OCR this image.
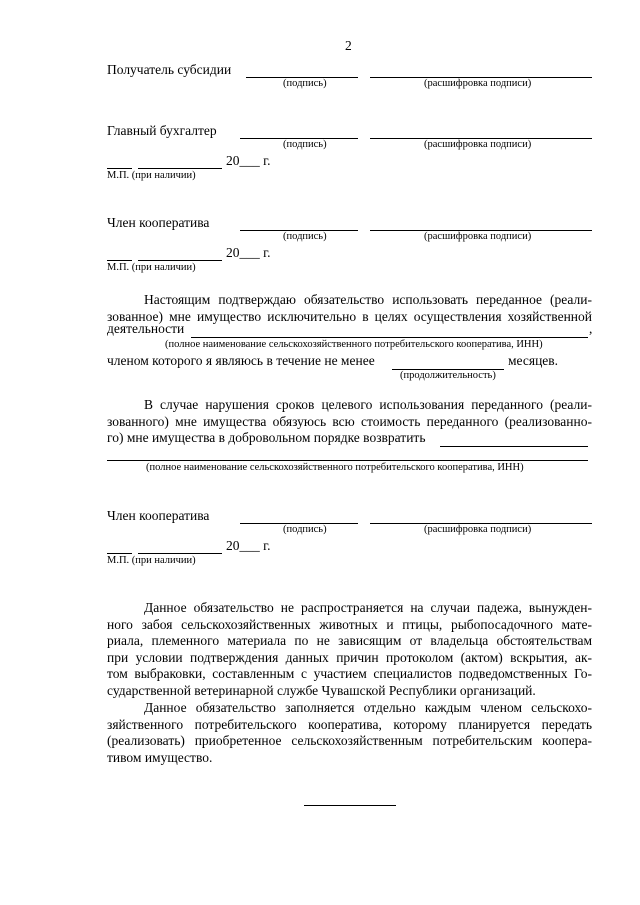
2
Получатель субсидии
(подпись)	(расшифровка подписи)
Главный бухгалтер
(подпись)	(расшифровка подписи)
20___ г.
М.П. (при наличии)
Член кооператива
(подпись)	(расшифровка подписи)
20___ г.
М.П. (при наличии)
Настоящим подтверждаю обязательство использовать переданное (реали-
зованное) мне имущество исключительно в целях осуществления хозяйственной
деятельности	,
(полное наименование сельскохозяйственного потребительского кооператива, ИНН)
членом которого я являюсь в течение не менее	месяцев.
(продолжительность)
В случае нарушения сроков целевого использования переданного (реали-
зованного) мне имущества обязуюсь всю стоимость переданного (реализованно-
го) мне имущества в добровольном порядке возвратить
(полное наименование сельскохозяйственного потребительского кооператива, ИНН)
Член кооператива
(подпись)	(расшифровка подписи)
20___ г.
М.П. (при наличии)
Данное обязательство не распространяется на случаи падежа, вынужден-
ного забоя сельскохозяйственных животных и птицы, рыбопосадочного мате-
риала, племенного материала по не зависящим от владельца обстоятельствам
при условии подтверждения данных причин протоколом (актом) вскрытия, ак-
том выбраковки, составленным с участием специалистов подведомственных Го-
сударственной ветеринарной службе Чувашской Республики организаций.
Данное обязательство заполняется отдельно каждым членом сельскохо-
зяйственного потребительского кооператива, которому планируется передать
(реализовать) приобретенное сельскохозяйственным потребительским коопера-
тивом имущество.
